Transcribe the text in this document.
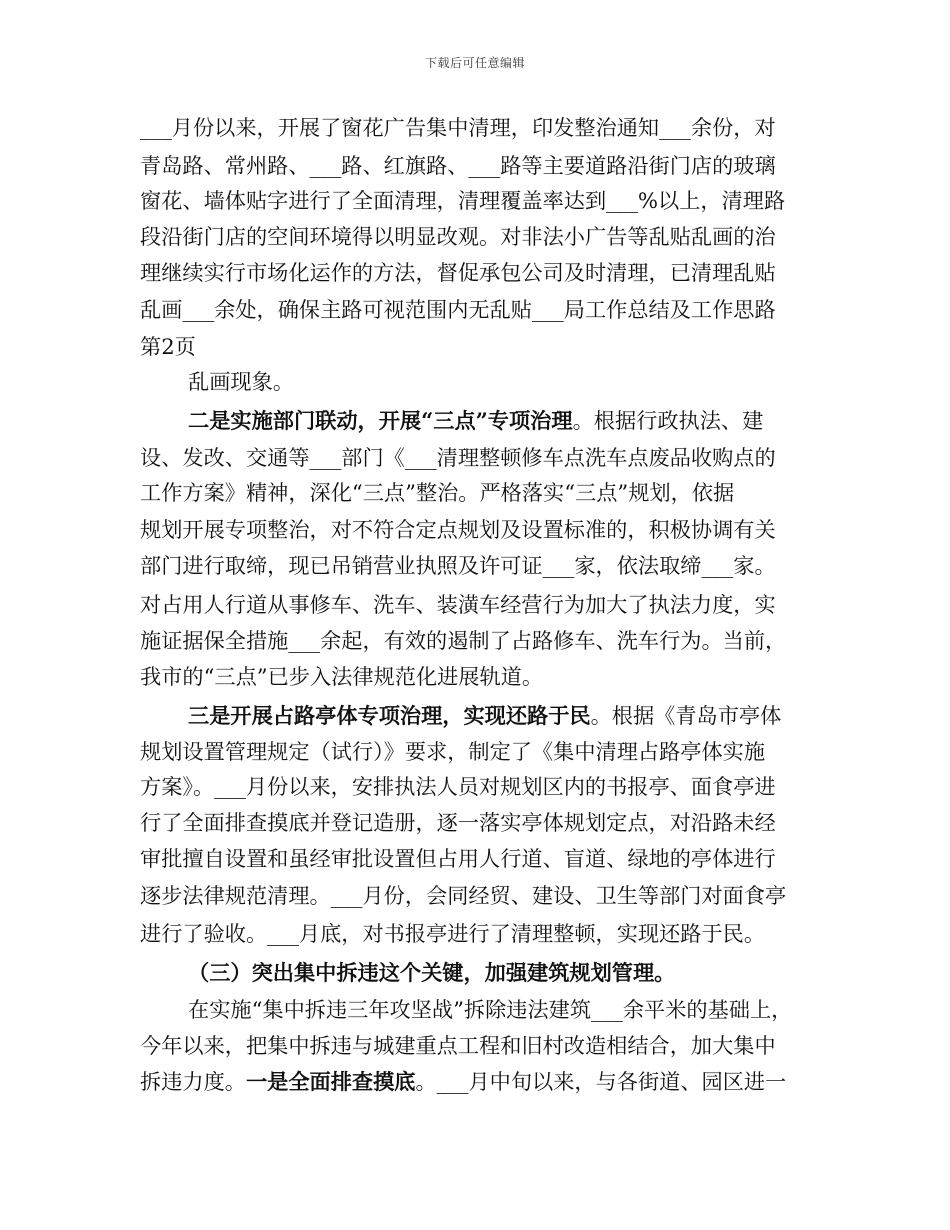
下载后可任意编辑
___月份以来，开展了窗花广告集中清理，印发整治通知___余份，对
青岛路、常州路、___路、红旗路、___路等主要道路沿街门店的玻璃
窗花、墙体贴字进行了全面清理，清理覆盖率达到___%以上，清理路
段沿街门店的空间环境得以明显改观。对非法小广告等乱贴乱画的治
理继续实行市场化运作的方法，督促承包公司及时清理，已清理乱贴
乱画___余处，确保主路可视范围内无乱贴___局工作总结及工作思路
第2页
乱画现象。
二是实施部门联动，开展“三点”专项治理。根据行政执法、建
设、发改、交通等___部门《___清理整顿修车点洗车点废品收购点的
工作方案》精神，深化“三点”整治。严格落实“三点”规划，依据
规划开展专项整治，对不符合定点规划及设置标准的，积极协调有关
部门进行取缔，现已吊销营业执照及许可证___家，依法取缔___家。
对占用人行道从事修车、洗车、装潢车经营行为加大了执法力度，实
施证据保全措施___余起，有效的遏制了占路修车、洗车行为。当前，
我市的“三点”已步入法律规范化进展轨道。
三是开展占路亭体专项治理，实现还路于民。根据《青岛市亭体
规划设置管理规定（试行）》要求，制定了《集中清理占路亭体实施
方案》。___月份以来，安排执法人员对规划区内的书报亭、面食亭进
行了全面排查摸底并登记造册，逐一落实亭体规划定点，对沿路未经
审批擅自设置和虽经审批设置但占用人行道、盲道、绿地的亭体进行
逐步法律规范清理。___月份，会同经贸、建设、卫生等部门对面食亭
进行了验收。___月底，对书报亭进行了清理整顿，实现还路于民。
（三）突出集中拆违这个关键，加强建筑规划管理。
在实施“集中拆违三年攻坚战”拆除违法建筑___余平米的基础上，
今年以来，把集中拆违与城建重点工程和旧村改造相结合，加大集中
拆违力度。一是全面排查摸底。___月中旬以来，与各街道、园区进一
